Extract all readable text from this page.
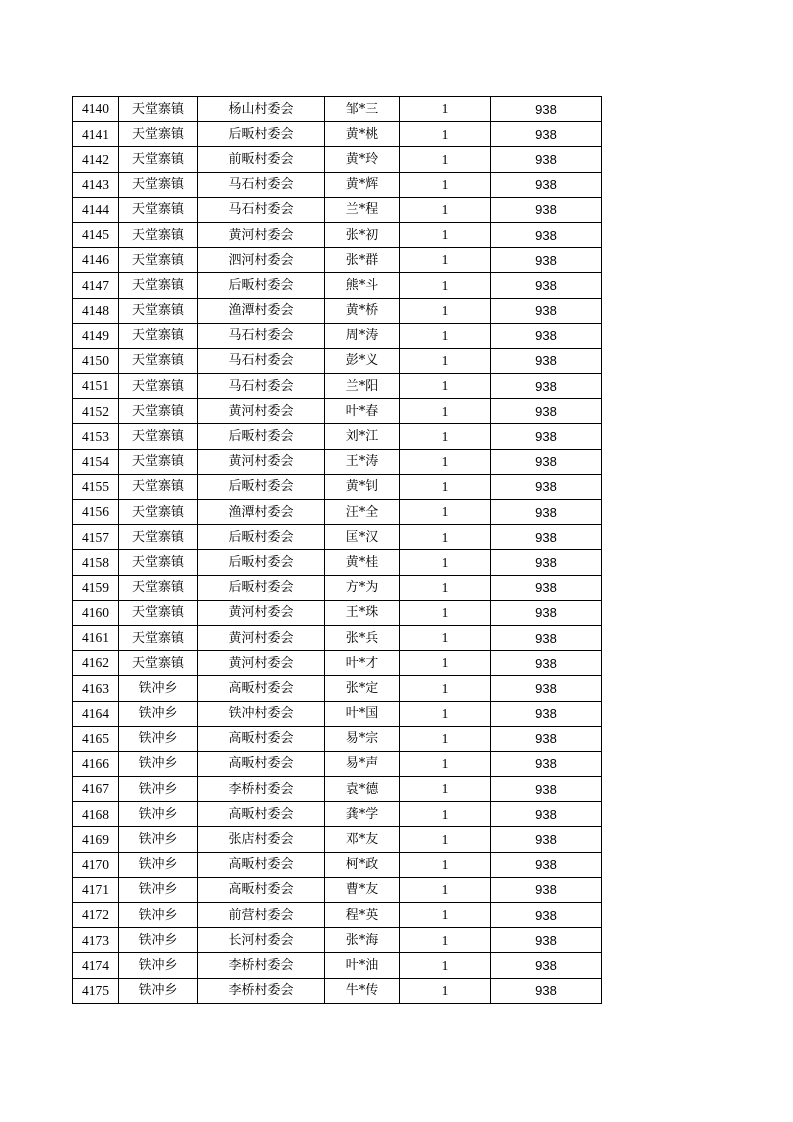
4140	天堂寨镇	杨山村委会	邹*三	1	938
4141	天堂寨镇	后畈村委会	黄*桃	1	938
4142	天堂寨镇	前畈村委会	黄*玲	1	938
4143	天堂寨镇	马石村委会	黄*辉	1	938
4144	天堂寨镇	马石村委会	兰*程	1	938
4145	天堂寨镇	黄河村委会	张*初	1	938
4146	天堂寨镇	泗河村委会	张*群	1	938
4147	天堂寨镇	后畈村委会	熊*斗	1	938
4148	天堂寨镇	渔潭村委会	黄*桥	1	938
4149	天堂寨镇	马石村委会	周*涛	1	938
4150	天堂寨镇	马石村委会	彭*义	1	938
4151	天堂寨镇	马石村委会	兰*阳	1	938
4152	天堂寨镇	黄河村委会	叶*春	1	938
4153	天堂寨镇	后畈村委会	刘*江	1	938
4154	天堂寨镇	黄河村委会	王*涛	1	938
4155	天堂寨镇	后畈村委会	黄*钊	1	938
4156	天堂寨镇	渔潭村委会	汪*全	1	938
4157	天堂寨镇	后畈村委会	匡*汉	1	938
4158	天堂寨镇	后畈村委会	黄*桂	1	938
4159	天堂寨镇	后畈村委会	方*为	1	938
4160	天堂寨镇	黄河村委会	王*珠	1	938
4161	天堂寨镇	黄河村委会	张*兵	1	938
4162	天堂寨镇	黄河村委会	叶*才	1	938
4163	铁冲乡	高畈村委会	张*定	1	938
4164	铁冲乡	铁冲村委会	叶*国	1	938
4165	铁冲乡	高畈村委会	易*宗	1	938
4166	铁冲乡	高畈村委会	易*声	1	938
4167	铁冲乡	李桥村委会	袁*德	1	938
4168	铁冲乡	高畈村委会	龚*学	1	938
4169	铁冲乡	张店村委会	邓*友	1	938
4170	铁冲乡	高畈村委会	柯*政	1	938
4171	铁冲乡	高畈村委会	曹*友	1	938
4172	铁冲乡	前营村委会	程*英	1	938
4173	铁冲乡	长河村委会	张*海	1	938
4174	铁冲乡	李桥村委会	叶*油	1	938
4175	铁冲乡	李桥村委会	牛*传	1	938
